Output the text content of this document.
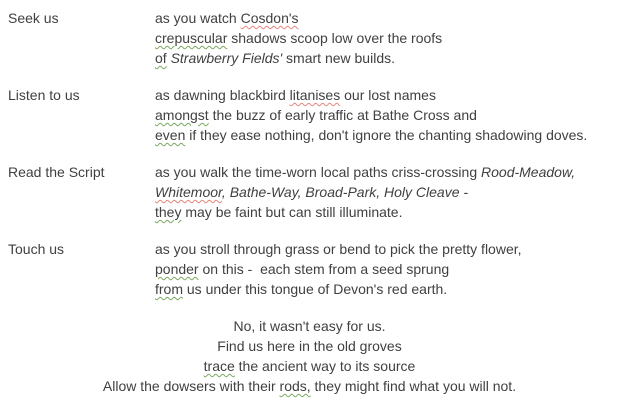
Seek us	as you watch Cosdon's
crepuscular shadows scoop low over the roofs
of Strawberry Fields' smart new builds.
Listen to us	as dawning blackbird litanises our lost names
amongst the buzz of early traffic at Bathe Cross and
even if they ease nothing, don't ignore the chanting shadowing doves.
Read the Script	as you walk the time-worn local paths criss-crossing Rood-Meadow,
Whitemoor, Bathe-Way, Broad-Park, Holy Cleave -
they may be faint but can still illuminate.
Touch us	as you stroll through grass or bend to pick the pretty flower,
ponder on this -  each stem from a seed sprung
from us under this tongue of Devon's red earth.
No, it wasn't easy for us.
Find us here in the old groves
trace the ancient way to its source
Allow the dowsers with their rods, they might find what you will not.
